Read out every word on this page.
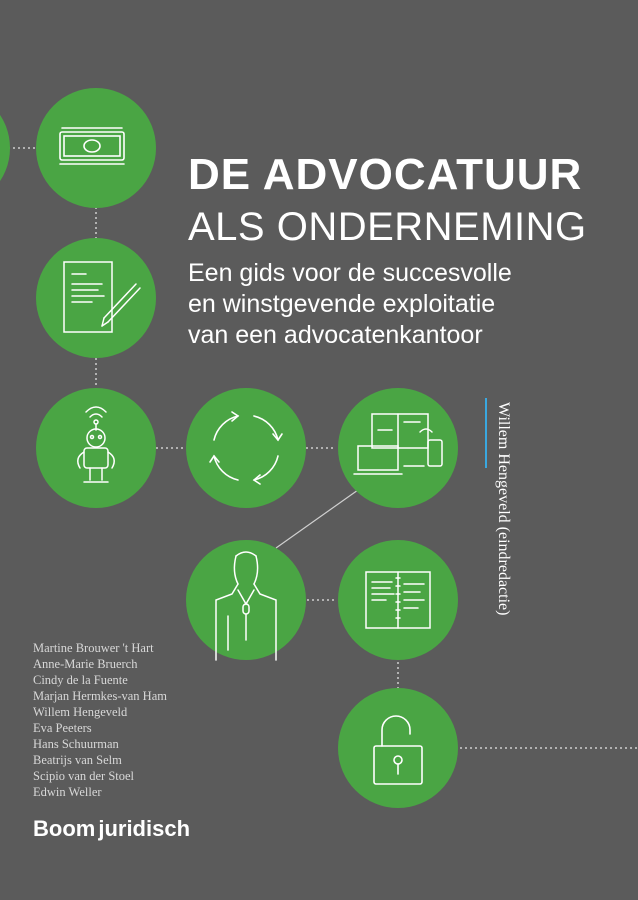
DE ADVOCATUUR
ALS ONDERNEMING
Een gids voor de succesvolle
en winstgevende exploitatie
van een advocatenkantoor
Willem Hengeveld (eindredactie)
Martine Brouwer 't Hart
Anne-Marie Bruerch
Cindy de la Fuente
Marjan Hermkes-van Ham
Willem Hengeveld
Eva Peeters
Hans Schuurman
Beatrijs van Selm
Scipio van der Stoel
Edwin Weller
Boom juridisch
